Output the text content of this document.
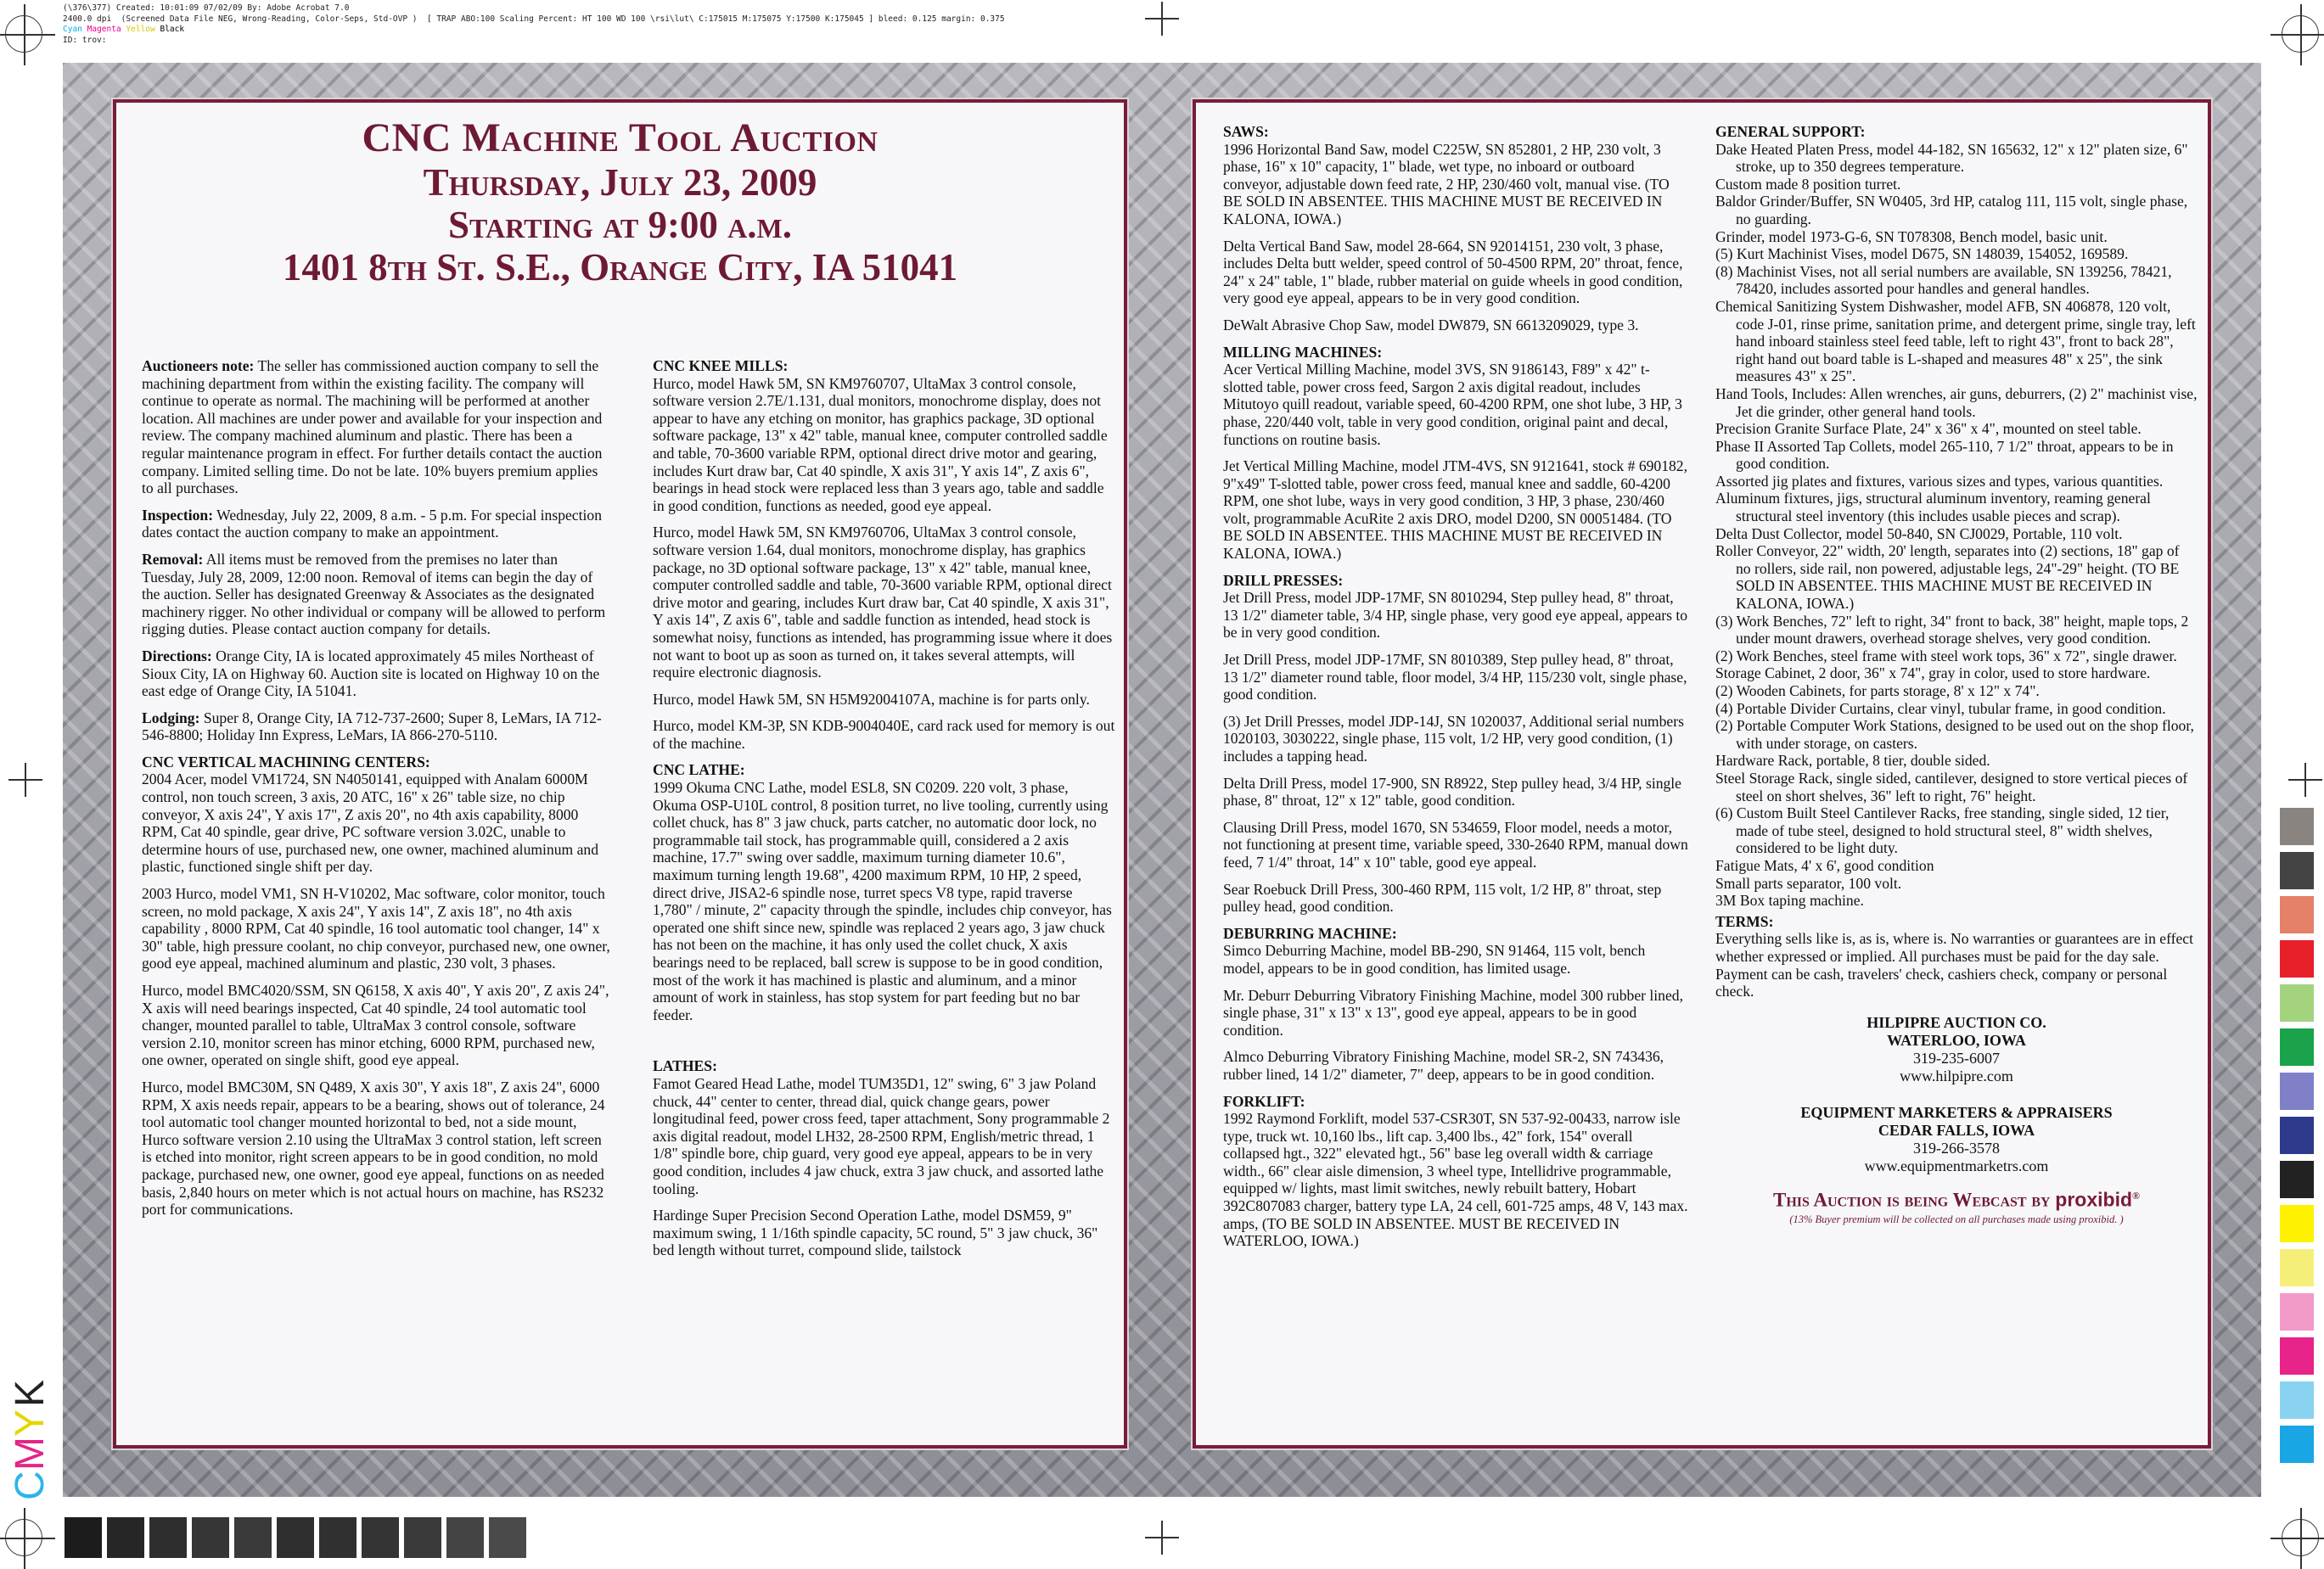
(\376\377) Created: 10:01:09 07/02/09 By: Adobe Acrobat 7.0
2400.0 dpi  (Screened Data File NEG, Wrong-Reading, Color-Seps, Std-OVP )  [ TRAP ABO:100 Scaling Percent: HT 100 WD 100 \rsi\lut\ C:175015 M:175075 Y:17500 K:175045 ] bleed: 0.125 margin: 0.375
Cyan Magenta Yellow Black
ID: trov:
C
M
Y
K
CNC Machine Tool Auction
Thursday, July 23, 2009
Starting at 9:00 a.m.
1401 8th St. S.E., Orange City, IA 51041

Auctioneers note: The seller has commissioned auction company to sell the machining department from within the existing facility. The company will continue to operate as normal. The machining will be performed at another location. All machines are under power and available for your inspection and review. The company machined aluminum and plastic. There has been a regular maintenance program in effect. For further details contact the auction company. Limited selling time. Do not be late. 10% buyers premium applies to all purchases.

Inspection: Wednesday, July 22, 2009, 8 a.m. - 5 p.m. For special inspection dates contact the auction company to make an appointment.

Removal: All items must be removed from the premises no later than Tuesday, July 28, 2009, 12:00 noon. Removal of items can begin the day of the auction. Seller has designated Greenway & Associates as the designated machinery rigger. No other individual or company will be allowed to perform rigging duties. Please contact auction company for details.

Directions: Orange City, IA is located approximately 45 miles Northeast of Sioux City, IA on Highway 60. Auction site is located on Highway 10 on the east edge of Orange City, IA 51041.

Lodging: Super 8, Orange City, IA 712-737-2600; Super 8, LeMars, IA 712-546-8800; Holiday Inn Express, LeMars, IA 866-270-5110.

CNC VERTICAL MACHINING CENTERS:

2004 Acer, model VM1724, SN N4050141, equipped with Analam 6000M control, non touch screen, 3 axis, 20 ATC, 16" x 26" table size, no chip conveyor, X axis 24", Y axis 17", Z axis 20", no 4th axis capability, 8000 RPM, Cat 40 spindle, gear drive, PC software version 3.02C, unable to determine hours of use, purchased new, one owner, machined aluminum and plastic, functioned single shift per day.

2003 Hurco, model VM1, SN H-V10202, Mac software, color monitor, touch screen, no mold package, X axis 24", Y axis 14", Z axis 18", no 4th axis capability , 8000 RPM, Cat 40 spindle, 16 tool automatic tool changer, 14" x 30" table, high pressure coolant, no chip conveyor, purchased new, one owner, good eye appeal, machined aluminum and plastic, 230 volt, 3 phases.

Hurco, model BMC4020/SSM, SN Q6158, X axis 40", Y axis 20", Z axis 24", X axis will need bearings inspected, Cat 40 spindle, 24 tool automatic tool changer, mounted parallel to table, UltraMax 3 control console, software version 2.10, monitor screen has minor etching, 6000 RPM, purchased new, one owner, operated on single shift, good eye appeal.

Hurco, model BMC30M, SN Q489, X axis 30", Y axis 18", Z axis 24", 6000 RPM, X axis needs repair, appears to be a bearing, shows out of tolerance, 24 tool automatic tool changer mounted horizontal to bed, not a side mount, Hurco software version 2.10 using the UltraMax 3 control station, left screen is etched into monitor, right screen appears to be in good condition, no mold package, purchased new, one owner, good eye appeal, functions on as needed basis, 2,840 hours on meter which is not actual hours on machine, has RS232 port for communications.

CNC KNEE MILLS:

Hurco, model Hawk 5M, SN KM9760707, UltaMax 3 control console, software version 2.7E/1.131, dual monitors, monochrome display, does not appear to have any etching on monitor, has graphics package, 3D optional software package, 13" x 42" table, manual knee, computer controlled saddle and table, 70-3600 variable RPM, optional direct drive motor and gearing, includes Kurt draw bar, Cat 40 spindle, X axis 31", Y axis 14", Z axis 6", bearings in head stock were replaced less than 3 years ago, table and saddle in good condition, functions as needed, good eye appeal.

Hurco, model Hawk 5M, SN KM9760706, UltaMax 3 control console, software version 1.64, dual monitors, monochrome display, has graphics package, no 3D optional software package, 13" x 42" table, manual knee, computer controlled saddle and table, 70-3600 variable RPM, optional direct drive motor and gearing, includes Kurt draw bar, Cat 40 spindle, X axis 31", Y axis 14", Z axis 6", table and saddle function as intended, head stock is somewhat noisy, functions as intended, has programming issue where it does not want to boot up as soon as turned on, it takes several attempts, will require electronic diagnosis.

Hurco, model Hawk 5M, SN H5M92004107A, machine is for parts only.

Hurco, model KM-3P, SN KDB-9004040E, card rack used for memory is out of the machine.

CNC LATHE:

1999 Okuma CNC Lathe, model ESL8, SN C0209. 220 volt, 3 phase, Okuma OSP-U10L control, 8 position turret, no live tooling, currently using collet chuck, has 8" 3 jaw chuck, parts catcher, no automatic door lock, no programmable tail stock, has programmable quill, considered a 2 axis machine, 17.7" swing over saddle, maximum turning diameter 10.6", maximum turning length 19.68", 4200 maximum RPM, 10 HP, 2 speed, direct drive, JISA2-6 spindle nose, turret specs V8 type, rapid traverse 1,780" / minute, 2" capacity through the spindle, includes chip conveyor, has operated one shift since new, spindle was replaced 2 years ago, 3 jaw chuck has not been on the machine, it has only used the collet chuck, X axis bearings need to be replaced, ball screw is suppose to be in good condition, most of the work it has machined is plastic and aluminum, and a minor amount of work in stainless, has stop system for part feeding but no bar feeder.

LATHES:

Famot Geared Head Lathe, model TUM35D1, 12" swing, 6" 3 jaw Poland chuck, 44" center to center, thread dial, quick change gears, power longitudinal feed, power cross feed, taper attachment, Sony programmable 2 axis digital readout, model LH32, 28-2500 RPM, English/metric thread, 1 1/8" spindle bore, chip guard, very good eye appeal, appears to be in very good condition, includes 4 jaw chuck, extra 3 jaw chuck, and assorted lathe tooling.

Hardinge Super Precision Second Operation Lathe, model DSM59, 9" maximum swing, 1 1/16th spindle capacity, 5C round, 5" 3 jaw chuck, 36" bed length without turret, compound slide, tailstock

SAWS:

1996 Horizontal Band Saw, model C225W, SN 852801, 2 HP, 230 volt, 3 phase, 16" x 10" capacity, 1" blade, wet type, no inboard or outboard conveyor, adjustable down feed rate, 2 HP, 230/460 volt, manual vise. (TO BE SOLD IN ABSENTEE. THIS MACHINE MUST BE RECEIVED IN KALONA, IOWA.)

Delta Vertical Band Saw, model 28-664, SN 92014151, 230 volt, 3 phase, includes Delta butt welder, speed control of 50-4500 RPM, 20" throat, fence, 24" x 24" table, 1" blade, rubber material on guide wheels in good condition, very good eye appeal, appears to be in very good condition.

DeWalt Abrasive Chop Saw, model DW879, SN 6613209029, type 3.

MILLING MACHINES:

Acer Vertical Milling Machine, model 3VS, SN 9186143, F89" x 42" t-slotted table, power cross feed, Sargon 2 axis digital readout, includes Mitutoyo quill readout, variable speed, 60-4200 RPM, one shot lube, 3 HP, 3 phase, 220/440 volt, table in very good condition, original paint and decal, functions on routine basis.

Jet Vertical Milling Machine, model JTM-4VS, SN 9121641, stock # 690182, 9"x49" T-slotted table, power cross feed, manual knee and saddle, 60-4200 RPM, one shot lube, ways in very good condition, 3 HP, 3 phase, 230/460 volt, programmable AcuRite 2 axis DRO, model D200, SN 00051484. (TO BE SOLD IN ABSENTEE. THIS MACHINE MUST BE RECEIVED IN KALONA, IOWA.)

DRILL PRESSES:

Jet Drill Press, model JDP-17MF, SN 8010294, Step pulley head, 8" throat, 13 1/2" diameter table, 3/4 HP, single phase, very good eye appeal, appears to be in very good condition.

Jet Drill Press, model JDP-17MF, SN 8010389, Step pulley head, 8" throat, 13 1/2" diameter round table, floor model, 3/4 HP, 115/230 volt, single phase, good condition.

(3) Jet Drill Presses, model JDP-14J, SN 1020037, Additional serial numbers 1020103, 3030222, single phase, 115 volt, 1/2 HP, very good condition, (1) includes a tapping head.

Delta Drill Press, model 17-900, SN R8922, Step pulley head, 3/4 HP, single phase, 8" throat, 12" x 12" table, good condition.

Clausing Drill Press, model 1670, SN 534659, Floor model, needs a motor, not functioning at present time, variable speed, 330-2640 RPM, manual down feed, 7 1/4" throat, 14" x 10" table, good eye appeal.

Sear Roebuck Drill Press, 300-460 RPM, 115 volt, 1/2 HP, 8" throat, step pulley head, good condition.

DEBURRING MACHINE:

Simco Deburring Machine, model BB-290, SN 91464, 115 volt, bench model, appears to be in good condition, has limited usage.

Mr. Deburr Deburring Vibratory Finishing Machine, model 300 rubber lined, single phase, 31" x 13" x 13", good eye appeal, appears to be in good condition.

Almco Deburring Vibratory Finishing Machine, model SR-2, SN 743436, rubber lined, 14 1/2" diameter, 7" deep, appears to be in good condition.

FORKLIFT:

1992 Raymond Forklift, model 537-CSR30T, SN 537-92-00433, narrow isle type, truck wt. 10,160 lbs., lift cap. 3,400 lbs., 42" fork, 154" overall collapsed hgt., 322" elevated hgt., 56" base leg overall width & carriage width., 66" clear aisle dimension, 3 wheel type, Intellidrive programmable, equipped w/ lights, mast limit switches, newly rebuilt battery, Hobart 392C807083 charger, battery type LA, 24 cell, 601-725 amps, 48 V, 143 max. amps, (TO BE SOLD IN ABSENTEE. MUST BE RECEIVED IN WATERLOO, IOWA.)

GENERAL SUPPORT:

Dake Heated Platen Press, model 44-182, SN 165632, 12" x 12" platen size, 6" stroke, up to 350 degrees temperature.

Custom made 8 position turret.

Baldor Grinder/Buffer, SN W0405, 3rd HP, catalog 111, 115 volt, single phase, no guarding.

Grinder, model 1973-G-6, SN T078308, Bench model, basic unit.

(5) Kurt Machinist Vises, model D675, SN 148039, 154052, 169589.

(8) Machinist Vises, not all serial numbers are available, SN 139256, 78421, 78420, includes assorted pour handles and general handles.

Chemical Sanitizing System Dishwasher, model AFB, SN 406878, 120 volt, code J-01, rinse prime, sanitation prime, and detergent prime, single tray, left hand inboard stainless steel feed table, left to right 43", front to back 28", right hand out board table is L-shaped and measures 48" x 25", the sink measures 43" x 25".

Hand Tools, Includes: Allen wrenches, air guns, deburrers, (2) 2" machinist vise, Jet die grinder, other general hand tools.

Precision Granite Surface Plate, 24" x 36" x 4", mounted on steel table.

Phase II Assorted Tap Collets, model 265-110, 7 1/2" throat, appears to be in good condition.

Assorted jig plates and fixtures, various sizes and types, various quantities.

Aluminum fixtures, jigs, structural aluminum inventory, reaming general structural steel inventory (this includes usable pieces and scrap).

Delta Dust Collector, model 50-840, SN CJ0029, Portable, 110 volt.

Roller Conveyor, 22" width, 20' length, separates into (2) sections, 18" gap of no rollers, side rail, non powered, adjustable legs, 24"-29" height. (TO BE SOLD IN ABSENTEE. THIS MACHINE MUST BE RECEIVED IN KALONA, IOWA.)

(3) Work Benches, 72" left to right, 34" front to back, 38" height, maple tops, 2 under mount drawers, overhead storage shelves, very good condition.

(2) Work Benches, steel frame with steel work tops, 36" x 72", single drawer.

Storage Cabinet, 2 door, 36" x 74", gray in color, used to store hardware.

(2) Wooden Cabinets, for parts storage, 8' x 12" x 74".

(4) Portable Divider Curtains, clear vinyl, tubular frame, in good condition.

(2) Portable Computer Work Stations, designed to be used out on the shop floor, with under storage, on casters.

Hardware Rack, portable, 8 tier, double sided.

Steel Storage Rack, single sided, cantilever, designed to store vertical pieces of steel on short shelves, 36" left to right, 76" height.

(6) Custom Built Steel Cantilever Racks, free standing, single sided, 12 tier, made of tube steel, designed to hold structural steel, 8" width shelves, considered to be light duty.

Fatigue Mats, 4' x 6', good condition

Small parts separator, 100 volt.

3M Box taping machine.

TERMS:

Everything sells like is, as is, where is. No warranties or guarantees are in effect whether expressed or implied. All purchases must be paid for the day sale. Payment can be cash, travelers' check, cashiers check, company or personal check.

HILPIPRE AUCTION CO.
WATERLOO, IOWA
319-235-6007
www.hilpipre.com
EQUIPMENT MARKETERS & APPRAISERS
CEDAR FALLS, IOWA
319-266-3578
www.equipmentmarketrs.com
This Auction is being Webcast by proxibid®
(13% Buyer premium will be collected on all purchases made using proxibid. )
